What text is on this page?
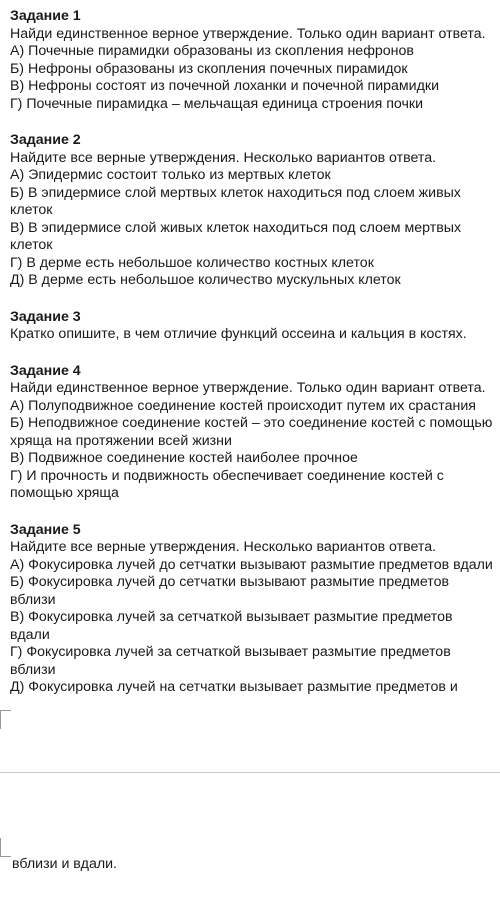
Задание 1
Найди единственное верное утверждение. Только один вариант ответа.
А) Почечные пирамидки образованы из скопления нефронов
Б) Нефроны образованы из скопления почечных пирамидок
В) Нефроны состоят из почечной лоханки и почечной пирамидки
Г) Почечные пирамидка – мельчащая единица строения почки
Задание 2
Найдите все верные утверждения. Несколько вариантов ответа.
А) Эпидермис состоит только из мертвых клеток
Б) В эпидермисе слой мертвых клеток находиться под слоем живых клеток
В) В эпидермисе слой живых клеток находиться под слоем мертвых клеток
Г) В дерме есть небольшое количество костных клеток
Д) В дерме есть небольшое количество мускульных клеток
Задание 3
Кратко опишите, в чем отличие функций оссеина и кальция в костях.
Задание 4
Найди единственное верное утверждение. Только один вариант ответа.
А) Полуподвижное соединение костей происходит путем их срастания
Б) Неподвижное соединение костей – это соединение костей с помощью хряща на протяжении всей жизни
В) Подвижное соединение костей наиболее прочное
Г) И прочность и подвижность обеспечивает соединение костей с помощью хряща
Задание 5
Найдите все верные утверждения. Несколько вариантов ответа.
А) Фокусировка лучей до сетчатки вызывают размытие предметов вдали
Б) Фокусировка лучей до сетчатки вызывают размытие предметов вблизи
В) Фокусировка лучей за сетчаткой вызывает размытие предметов вдали
Г) Фокусировка лучей за сетчаткой вызывает размытие предметов вблизи
Д) Фокусировка лучей на сетчатки вызывает размытие предметов и
вблизи и вдали.
